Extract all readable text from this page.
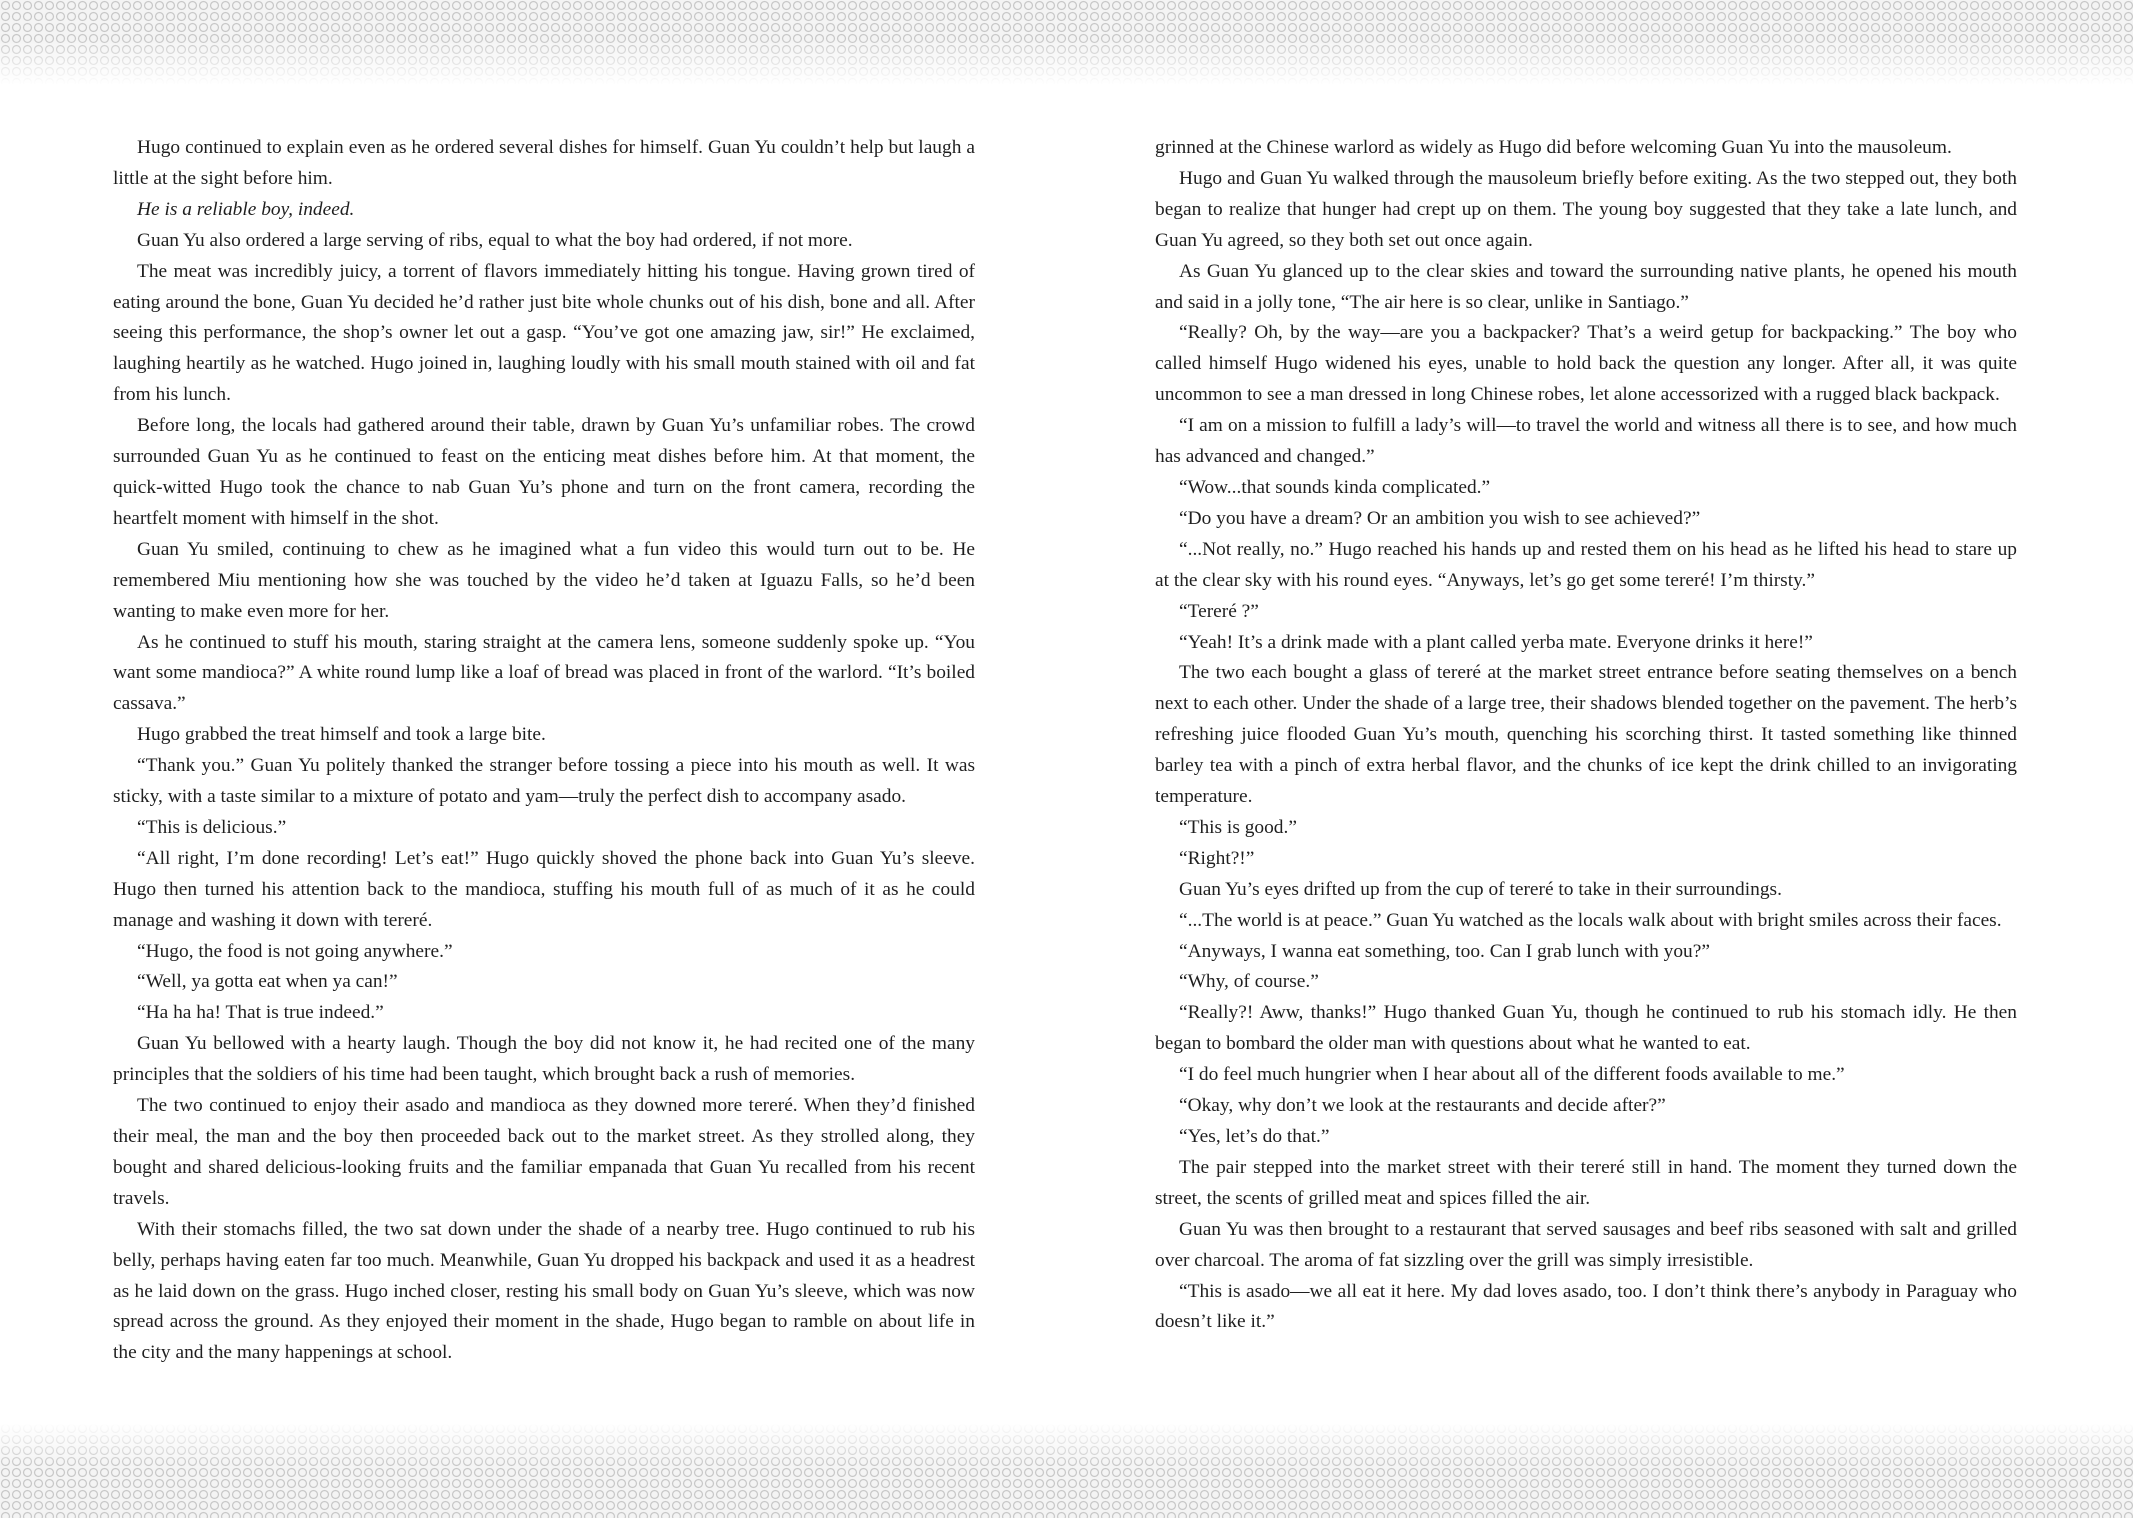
Hugo continued to explain even as he ordered several dishes for himself. Guan Yu couldn’t help but laugh a little at the sight before him.

He is a reliable boy, indeed.

Guan Yu also ordered a large serving of ribs, equal to what the boy had ordered, if not more.

The meat was incredibly juicy, a torrent of flavors immediately hitting his tongue. Having grown tired of eating around the bone, Guan Yu decided he’d rather just bite whole chunks out of his dish, bone and all. After seeing this performance, the shop’s owner let out a gasp. “You’ve got one amazing jaw, sir!” He exclaimed, laughing heartily as he watched. Hugo joined in, laughing loudly with his small mouth stained with oil and fat from his lunch.

Before long, the locals had gathered around their table, drawn by Guan Yu’s unfamiliar robes. The crowd surrounded Guan Yu as he continued to feast on the enticing meat dishes before him. At that moment, the quick-witted Hugo took the chance to nab Guan Yu’s phone and turn on the front camera, recording the heartfelt moment with himself in the shot.

Guan Yu smiled, continuing to chew as he imagined what a fun video this would turn out to be. He remembered Miu mentioning how she was touched by the video he’d taken at Iguazu Falls, so he’d been wanting to make even more for her.

As he continued to stuff his mouth, staring straight at the camera lens, someone suddenly spoke up. “You want some mandioca?” A white round lump like a loaf of bread was placed in front of the warlord. “It’s boiled cassava.”

Hugo grabbed the treat himself and took a large bite.

“Thank you.” Guan Yu politely thanked the stranger before tossing a piece into his mouth as well. It was sticky, with a taste similar to a mixture of potato and yam—truly the perfect dish to accompany asado.

“This is delicious.”

“All right, I’m done recording! Let’s eat!” Hugo quickly shoved the phone back into Guan Yu’s sleeve. Hugo then turned his attention back to the mandioca, stuffing his mouth full of as much of it as he could manage and washing it down with tereré.

“Hugo, the food is not going anywhere.”

“Well, ya gotta eat when ya can!”

“Ha ha ha! That is true indeed.”

Guan Yu bellowed with a hearty laugh. Though the boy did not know it, he had recited one of the many principles that the soldiers of his time had been taught, which brought back a rush of memories.

The two continued to enjoy their asado and mandioca as they downed more tereré. When they’d finished their meal, the man and the boy then proceeded back out to the market street. As they strolled along, they bought and shared delicious-looking fruits and the familiar empanada that Guan Yu recalled from his recent travels.

With their stomachs filled, the two sat down under the shade of a nearby tree. Hugo continued to rub his belly, perhaps having eaten far too much. Meanwhile, Guan Yu dropped his backpack and used it as a headrest as he laid down on the grass. Hugo inched closer, resting his small body on Guan Yu’s sleeve, which was now spread across the ground. As they enjoyed their moment in the shade, Hugo began to ramble on about life in the city and the many happenings at school.

grinned at the Chinese warlord as widely as Hugo did before welcoming Guan Yu into the mausoleum.

Hugo and Guan Yu walked through the mausoleum briefly before exiting. As the two stepped out, they both began to realize that hunger had crept up on them. The young boy suggested that they take a late lunch, and Guan Yu agreed, so they both set out once again.

As Guan Yu glanced up to the clear skies and toward the surrounding native plants, he opened his mouth and said in a jolly tone, “The air here is so clear, unlike in Santiago.”

“Really? Oh, by the way—are you a backpacker? That’s a weird getup for backpacking.” The boy who called himself Hugo widened his eyes, unable to hold back the question any longer. After all, it was quite uncommon to see a man dressed in long Chinese robes, let alone accessorized with a rugged black backpack.

“I am on a mission to fulfill a lady’s will—to travel the world and witness all there is to see, and how much has advanced and changed.”

“Wow...that sounds kinda complicated.”

“Do you have a dream? Or an ambition you wish to see achieved?”

“...Not really, no.” Hugo reached his hands up and rested them on his head as he lifted his head to stare up at the clear sky with his round eyes. “Anyways, let’s go get some tereré! I’m thirsty.”

“Tereré ?”

“Yeah! It’s a drink made with a plant called yerba mate. Everyone drinks it here!”

The two each bought a glass of tereré at the market street entrance before seating themselves on a bench next to each other. Under the shade of a large tree, their shadows blended together on the pavement. The herb’s refreshing juice flooded Guan Yu’s mouth, quenching his scorching thirst. It tasted something like thinned barley tea with a pinch of extra herbal flavor, and the chunks of ice kept the drink chilled to an invigorating temperature.

“This is good.”

“Right?!”

Guan Yu’s eyes drifted up from the cup of tereré to take in their surroundings.

“...The world is at peace.” Guan Yu watched as the locals walk about with bright smiles across their faces.

“Anyways, I wanna eat something, too. Can I grab lunch with you?”

“Why, of course.”

“Really?! Aww, thanks!” Hugo thanked Guan Yu, though he continued to rub his stomach idly. He then began to bombard the older man with questions about what he wanted to eat.

“I do feel much hungrier when I hear about all of the different foods available to me.”

“Okay, why don’t we look at the restaurants and decide after?”

“Yes, let’s do that.”

The pair stepped into the market street with their tereré still in hand. The moment they turned down the street, the scents of grilled meat and spices filled the air.

Guan Yu was then brought to a restaurant that served sausages and beef ribs seasoned with salt and grilled over charcoal. The aroma of fat sizzling over the grill was simply irresistible.

“This is asado—we all eat it here. My dad loves asado, too. I don’t think there’s anybody in Paraguay who doesn’t like it.”
